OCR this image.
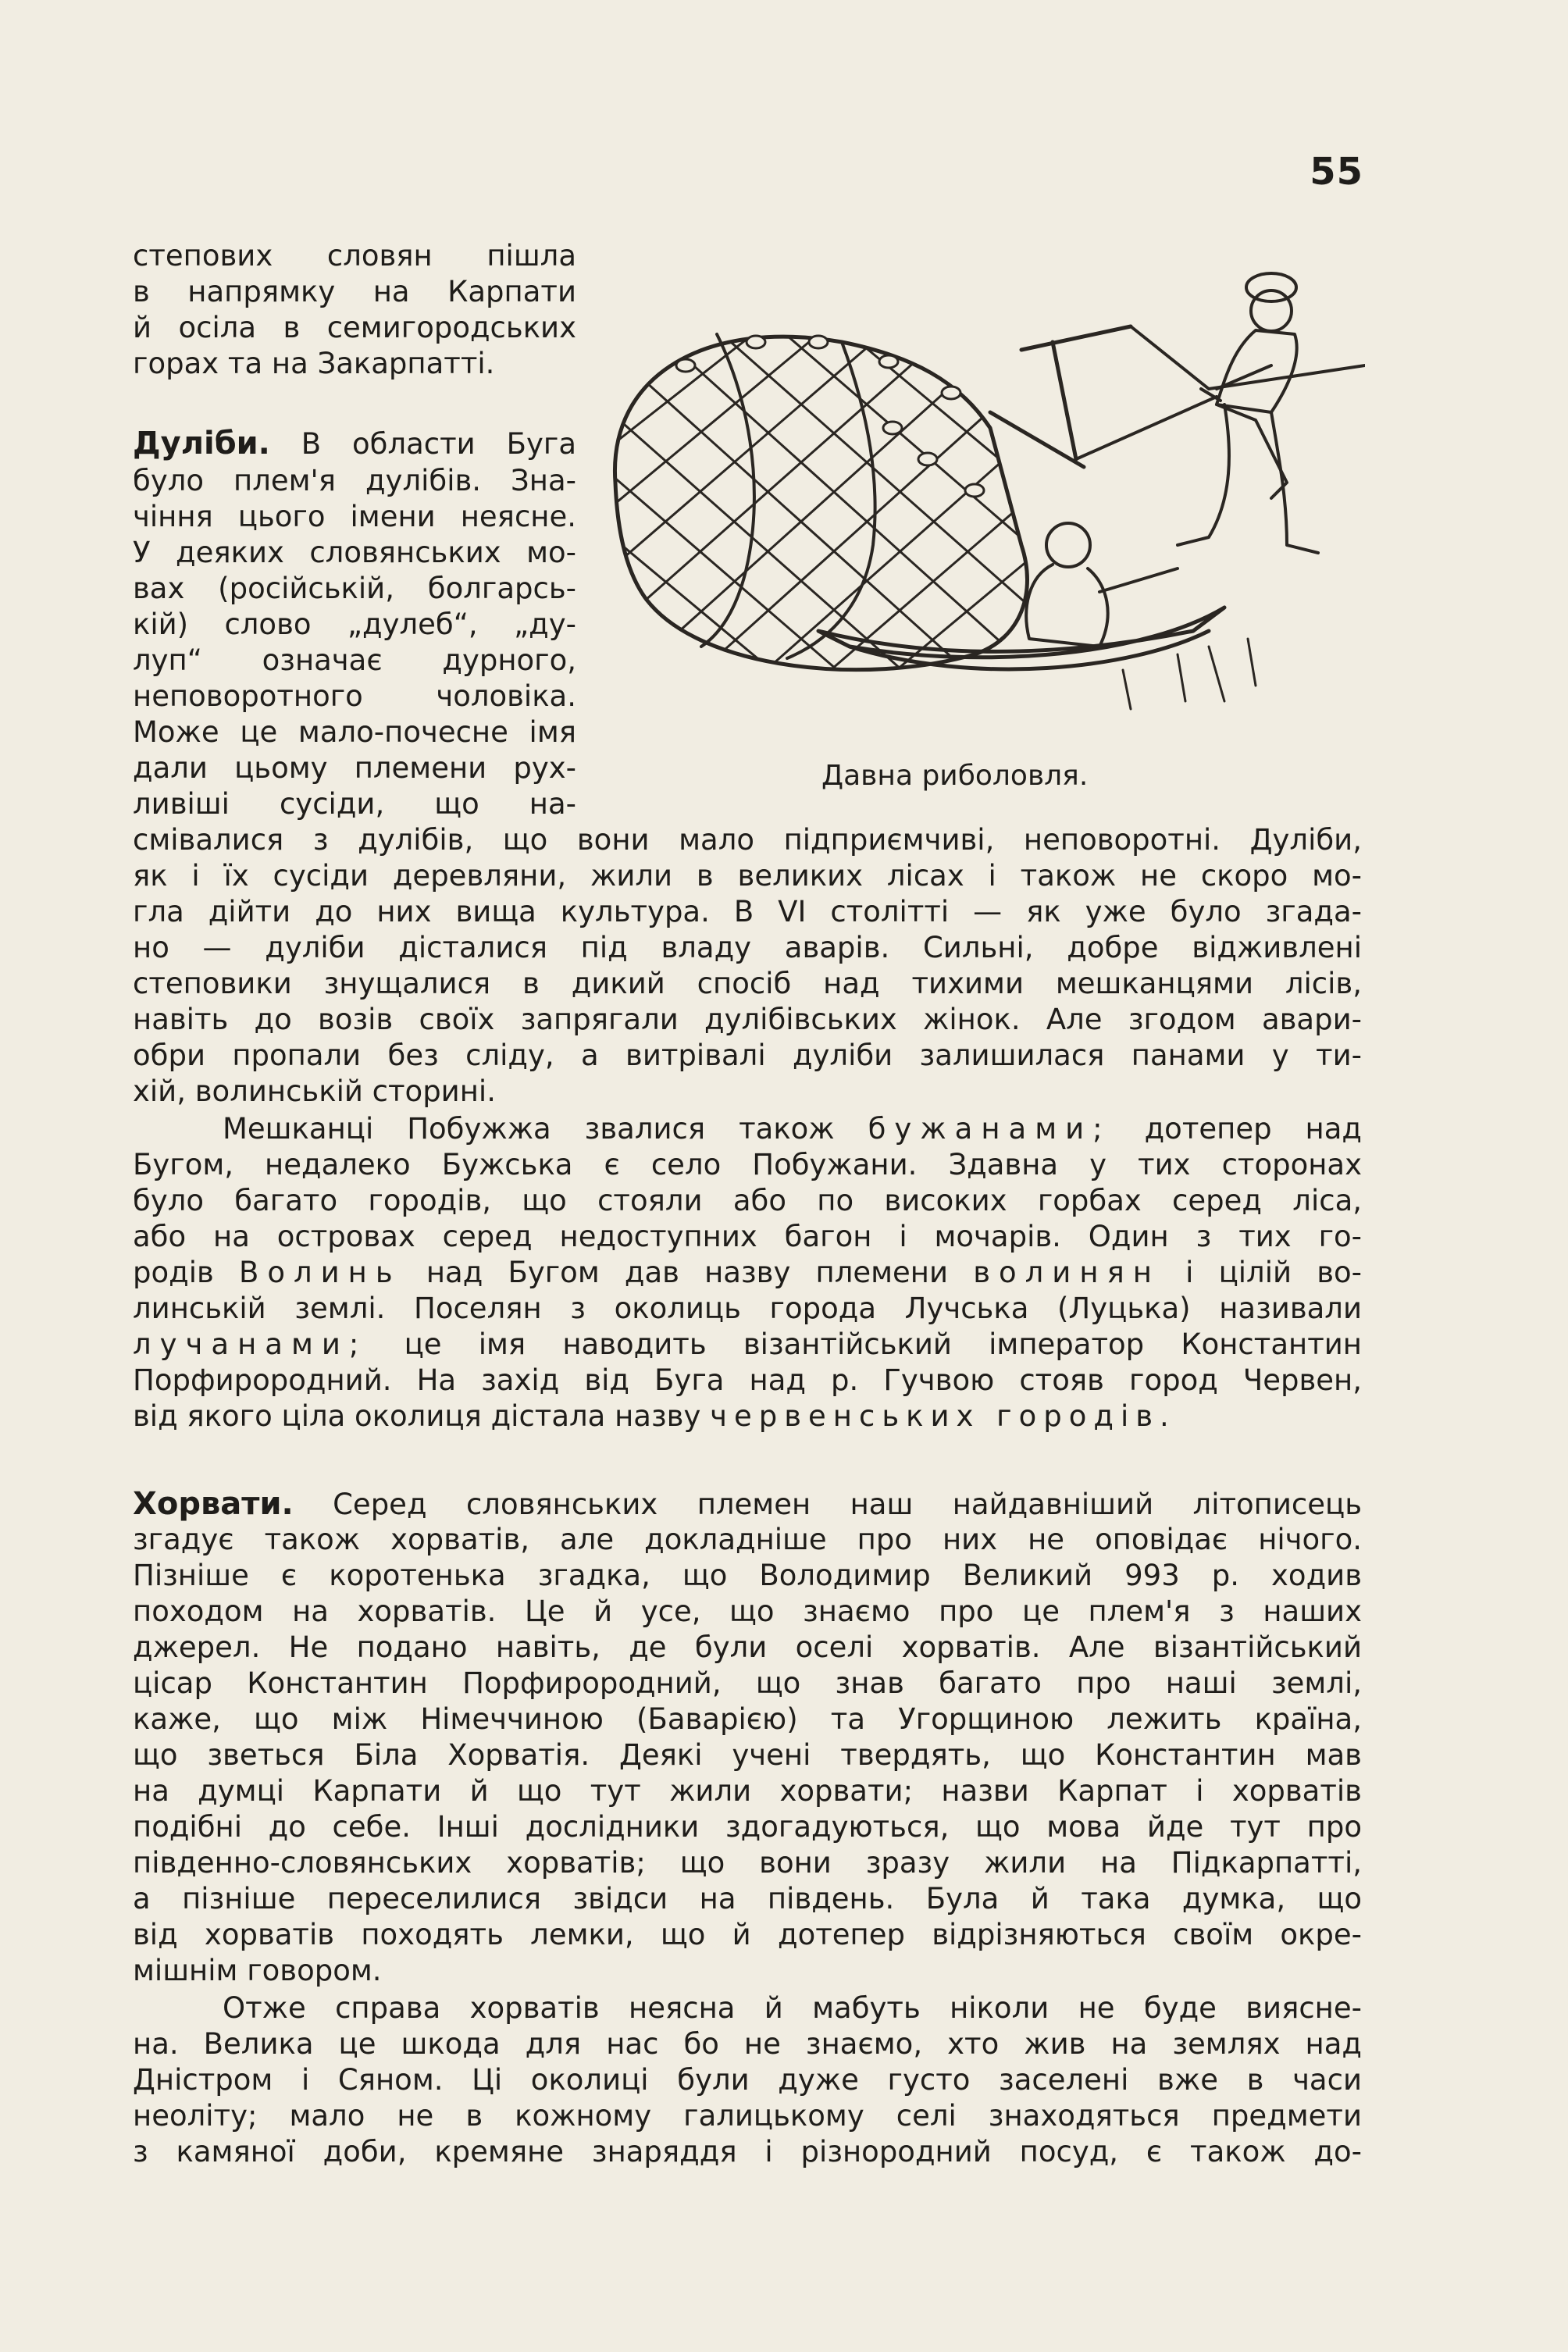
55
степових словян пішла
в напрямку на Карпати
й осіла в семигородських
горах та на Закарпатті.
Дуліби. В области Буга
було плем'я дулібів. Зна-
чіння цього імени неясне.
У деяких словянських мо-
вах (російській, болгарсь-
кій) слово „дулеб“, „ду-
луп“ означає дурного,
неповоротного чоловіка.
Може це мало-почесне імя
дали цьому племени рух-
ливіші сусіди, що на-
Давна риболовля.
смівалися з дулібів, що вони мало підприємчиві, неповоротні. Дуліби,
як і їх сусіди деревляни, жили в великих лісах і також не скоро мо-
гла дійти до них вища культура. В VI столітті — як уже було згада-
но — дуліби дісталися під владу аварів. Сильні, добре відживлені
степовики знущалися в дикий спосіб над тихими мешканцями лісів,
навіть до возів своїх запрягали дулібівських жінок. Але згодом авари-
обри пропали без сліду, а витрівалі дуліби залишилася панами у ти-
хій, волинській сторині.
Мешканці Побужжа звалися також бужанами; дотепер над
Бугом, недалеко Бужська є село Побужани. Здавна у тих сторонах
було багато городів, що стояли або по високих горбах серед ліса,
або на островах серед недоступних багон і мочарів. Один з тих го-
родів Волинь над Бугом дав назву племени волинян і цілій во-
линській землі. Поселян з околиць города Лучська (Луцька) називали
лучанами; це імя наводить візантійський імператор Константин
Порфирородний. На захід від Буга над р. Гучвою стояв город Червен,
від якого ціла околиця дістала назву червенських городів.
Хорвати. Серед словянських племен наш найдавніший літописець
згадує також хорватів, але докладніше про них не оповідає нічого.
Пізніше є коротенька згадка, що Володимир Великий 993 р. ходив
походом на хорватів. Це й усе, що знаємо про це плем'я з наших
джерел. Не подано навіть, де були оселі хорватів. Але візантійський
цісар Константин Порфирородний, що знав багато про наші землі,
каже, що між Німеччиною (Баварією) та Угорщиною лежить країна,
що зветься Біла Хорватія. Деякі учені твердять, що Константин мав
на думці Карпати й що тут жили хорвати; назви Карпат і хорватів
подібні до себе. Інші дослідники здогадуються, що мова йде тут про
південно-словянських хорватів; що вони зразу жили на Підкарпатті,
а пізніше переселилися звідси на південь. Була й така думка, що
від хорватів походять лемки, що й дотепер відрізняються своїм окре-
мішнім говором.
Отже справа хорватів неясна й мабуть ніколи не буде виясне-
на. Велика це шкода для нас бо не знаємо, хто жив на землях над
Дністром і Сяном. Ці околиці були дуже густо заселені вже в часи
неоліту; мало не в кожному галицькому селі знаходяться предмети
з камяної доби, кремяне знаряддя і різнородний посуд, є також до-
